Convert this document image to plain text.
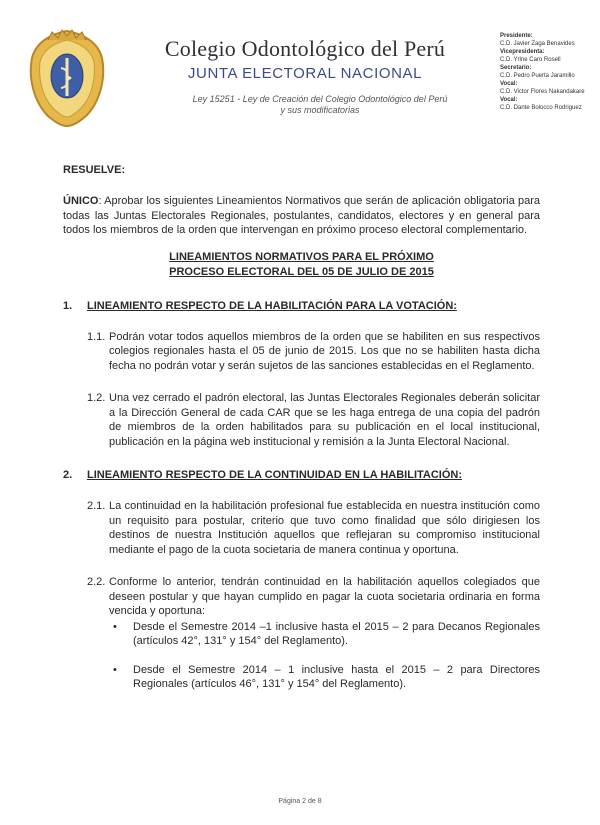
Colegio Odontológico del Perú
JUNTA ELECTORAL NACIONAL
Ley 15251 - Ley de Creación del Colegio Odontológico del Perú
y sus modificatorias
Presidente:
C.D. Javier Zaga Benavides
Vicepresidenta:
C.D. Yrlne Caro Rosell
Secretario:
C.D. Pedro Puerta Jaramillo
Vocal:
C.D. Victor Flores Nakandakare
Vocal:
C.D. Dante Bolocco Rodriguez
RESUELVE:
ÚNICO: Aprobar los siguientes Lineamientos Normativos que serán de aplicación obligatoria para todas las Juntas Electorales Regionales, postulantes, candidatos, electores y en general para todos los miembros de la orden que intervengan en próximo proceso electoral complementario.
LINEAMIENTOS NORMATIVOS PARA EL PRÓXIMO
PROCESO ELECTORAL DEL 05 DE JULIO DE 2015
1.	LINEAMIENTO RESPECTO DE LA HABILITACIÓN PARA LA VOTACIÓN:
1.1. Podrán votar todos aquellos miembros de la orden que se habiliten en sus respectivos colegios regionales hasta el 05 de junio de 2015. Los que no se habiliten hasta dicha fecha no podrán votar y serán sujetos de las sanciones establecidas en el Reglamento.
1.2. Una vez cerrado el padrón electoral, las Juntas Electorales Regionales deberán solicitar a la Dirección General de cada CAR que se les haga entrega de una copia del padrón de miembros de la orden habilitados para su publicación en el local institucional, publicación en la página web institucional y remisión a la Junta Electoral Nacional.
2.	LINEAMIENTO RESPECTO DE LA CONTINUIDAD EN LA HABILITACIÓN:
2.1. La continuidad en la habilitación profesional fue establecida en nuestra institución como un requisito para postular, criterio que tuvo como finalidad que sólo dirigiesen los destinos de nuestra Institución aquellos que reflejaran su compromiso institucional mediante el pago de la cuota societaria de manera continua y oportuna.
2.2. Conforme lo anterior, tendrán continuidad en la habilitación aquellos colegiados que deseen postular y que hayan cumplido en pagar la cuota societaria ordinaria en forma vencida y oportuna:
•	Desde el Semestre 2014 –1 inclusive hasta el 2015 – 2 para Decanos Regionales (artículos 42°, 131° y 154° del Reglamento).
•	Desde el Semestre 2014 – 1 inclusive hasta el 2015 – 2 para Directores Regionales (artículos 46°, 131° y 154° del Reglamento).
Página 2 de 8
